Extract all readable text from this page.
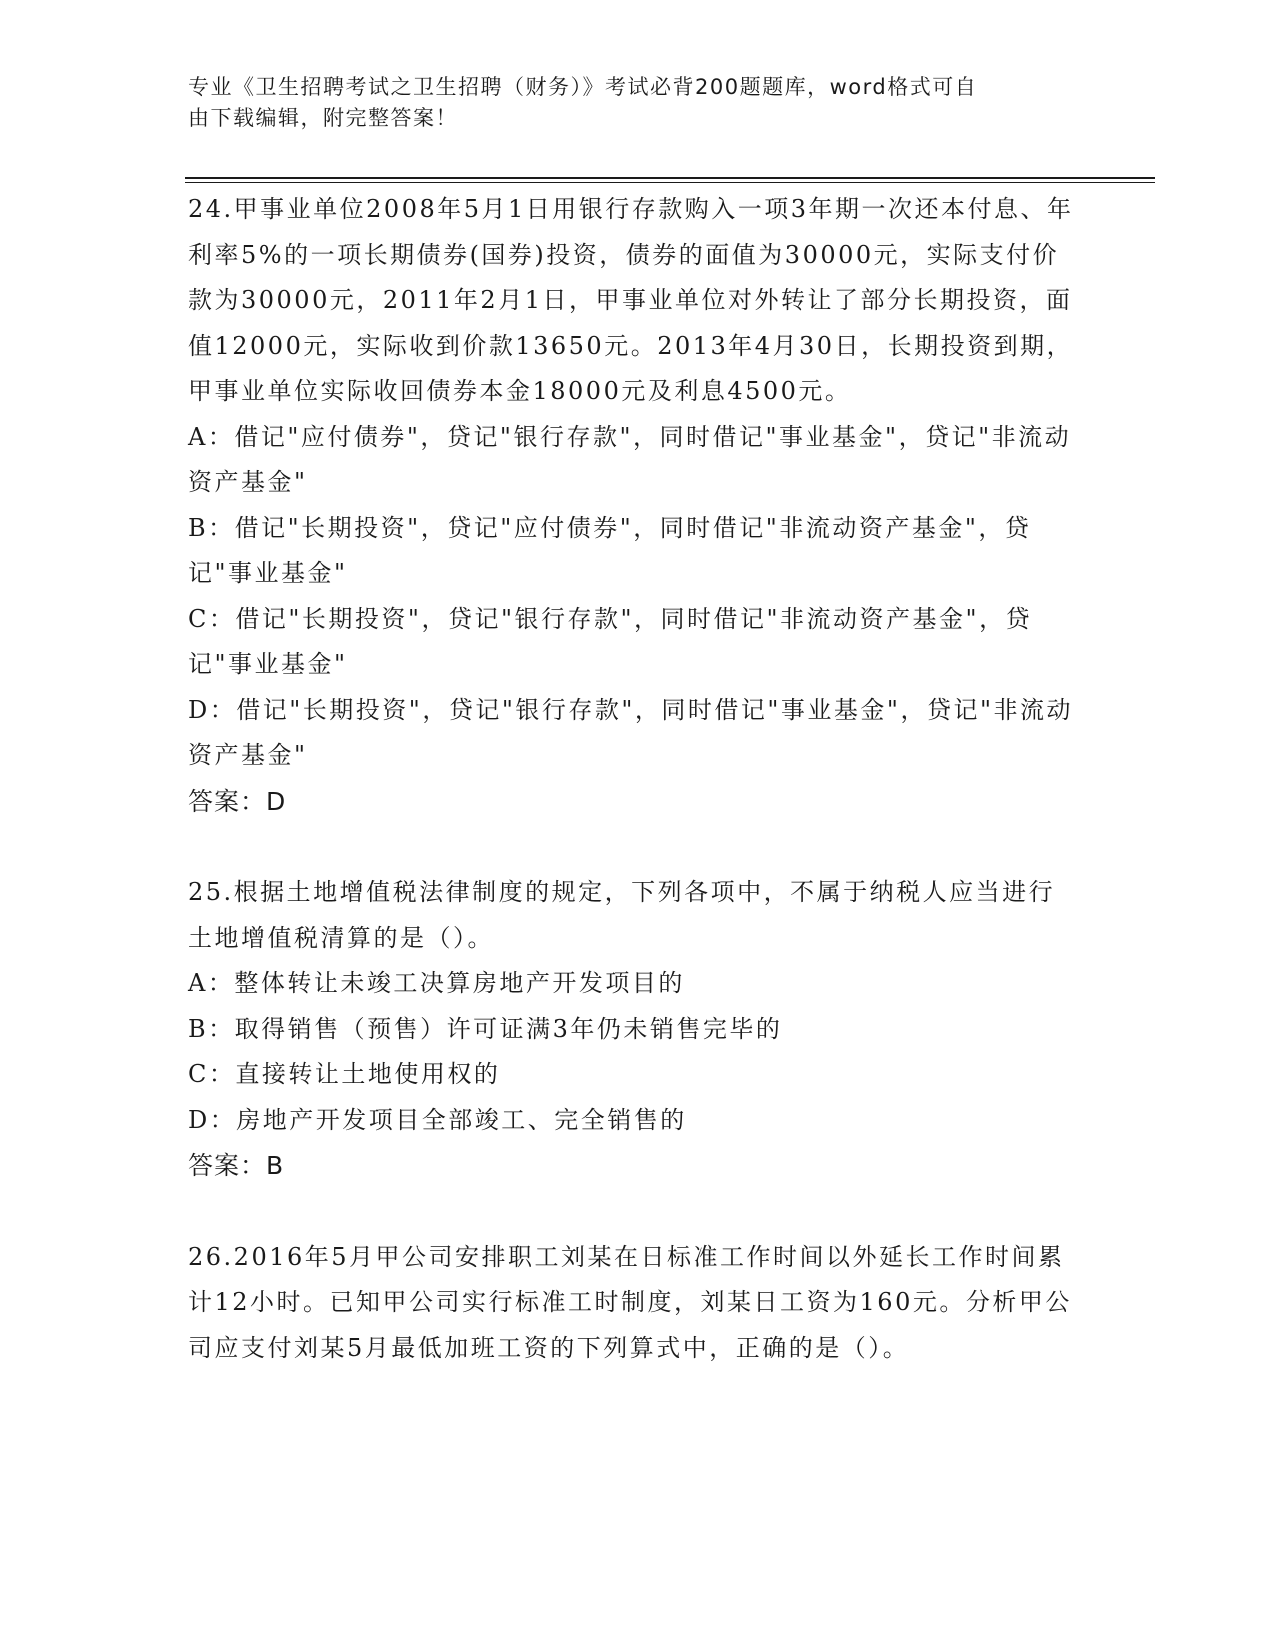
专业《卫生招聘考试之卫生招聘（财务）》考试必背200题题库，word格式可自
由下载编辑，附完整答案！

24.甲事业单位2008年5月1日用银行存款购入一项3年期一次还本付息、年利率5%的一项长期债券(国券)投资，债券的面值为30000元，实际支付价款为30000元，2011年2月1日，甲事业单位对外转让了部分长期投资，面值12000元，实际收到价款13650元。2013年4月30日，长期投资到期，甲事业单位实际收回债券本金18000元及利息4500元。

A：借记"应付债券"，贷记"银行存款"，同时借记"事业基金"，贷记"非流动资产基金"

B：借记"长期投资"，贷记"应付债券"，同时借记"非流动资产基金"，贷记"事业基金"

C：借记"长期投资"，贷记"银行存款"，同时借记"非流动资产基金"，贷记"事业基金"

D：借记"长期投资"，贷记"银行存款"，同时借记"事业基金"，贷记"非流动资产基金"

答案：D

25.根据土地增值税法律制度的规定，下列各项中，不属于纳税人应当进行土地增值税清算的是（）。

A：整体转让未竣工决算房地产开发项目的

B：取得销售（预售）许可证满3年仍未销售完毕的

C：直接转让土地使用权的

D：房地产开发项目全部竣工、完全销售的

答案：B

26.2016年5月甲公司安排职工刘某在日标准工作时间以外延长工作时间累计12小时。已知甲公司实行标准工时制度，刘某日工资为160元。分析甲公司应支付刘某5月最低加班工资的下列算式中，正确的是（）。
